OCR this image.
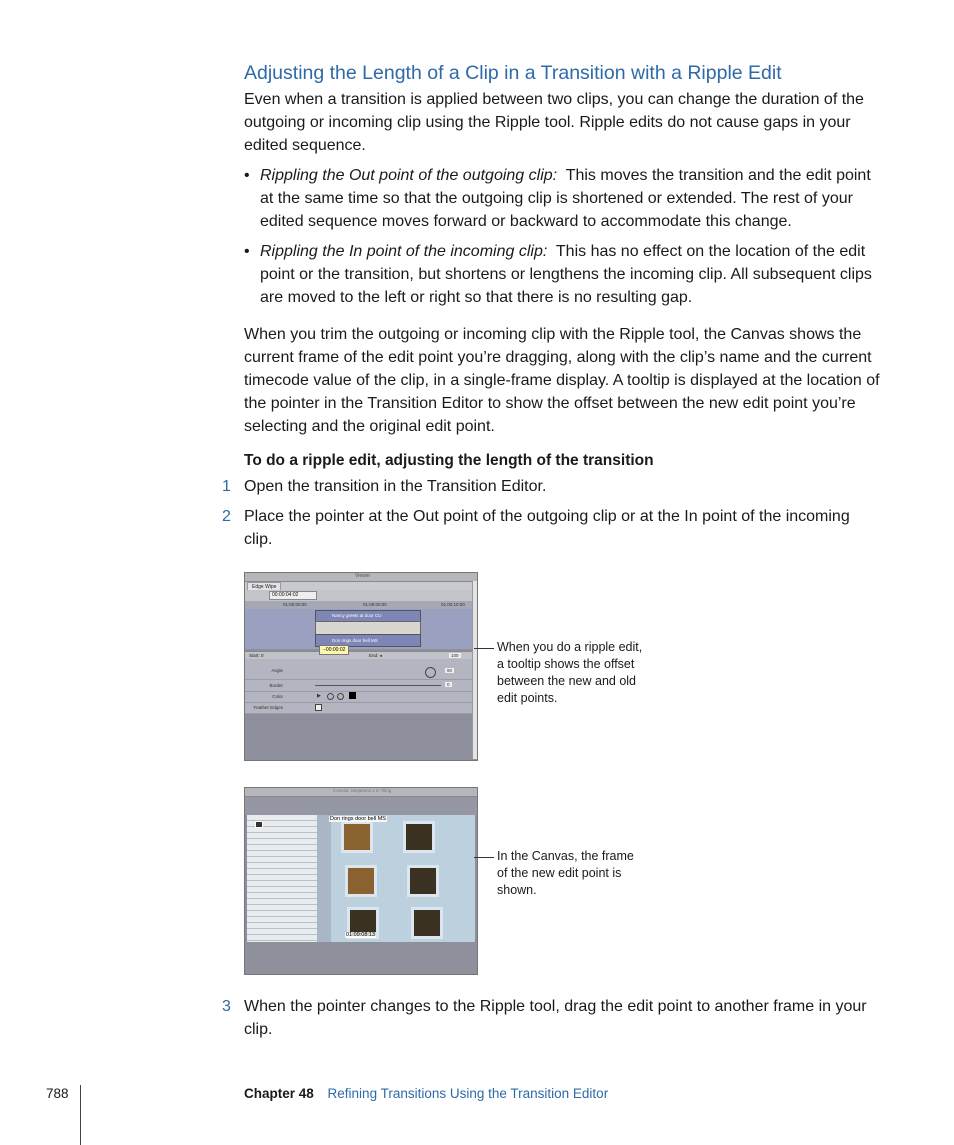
Adjusting the Length of a Clip in a Transition with a Ripple Edit
Even when a transition is applied between two clips, you can change the duration of the outgoing or incoming clip using the Ripple tool. Ripple edits do not cause gaps in your edited sequence.
• Rippling the Out point of the outgoing clip: This moves the transition and the edit point at the same time so that the outgoing clip is shortened or extended. The rest of your edited sequence moves forward or backward to accommodate this change.
• Rippling the In point of the incoming clip: This has no effect on the location of the edit point or the transition, but shortens or lengthens the incoming clip. All subsequent clips are moved to the left or right so that there is no resulting gap.
When you trim the outgoing or incoming clip with the Ripple tool, the Canvas shows the current frame of the edit point you’re dragging, along with the clip’s name and the current timecode value of the clip, in a single-frame display. A tooltip is displayed at the location of the pointer in the Transition Editor to show the offset between the new edit point you’re selecting and the original edit point.
To do a ripple edit, adjusting the length of the transition
1 Open the transition in the Transition Editor.
2 Place the pointer at the Out point of the outgoing clip or at the In point of the incoming clip.
Viewer
Edge Wipe
00:00:04:02
01:00:00:00	01:08:00:00	01:00:10:00
Nancy greets at door CU
Don rings door bell MS
Start: 0	End: ◂	100
−00:00:02
Angle	90
Border	0
Color	▶
Feather Edges
When you do a ripple edit, a tooltip shows the offset between the new and old edit points.
Canvas: Sequence 1 in Tiling
Don rings door bell MS
01:09:08:13
In the Canvas, the frame of the new edit point is shown.
3 When the pointer changes to the Ripple tool, drag the edit point to another frame in your clip.
788	Chapter 48 Refining Transitions Using the Transition Editor
